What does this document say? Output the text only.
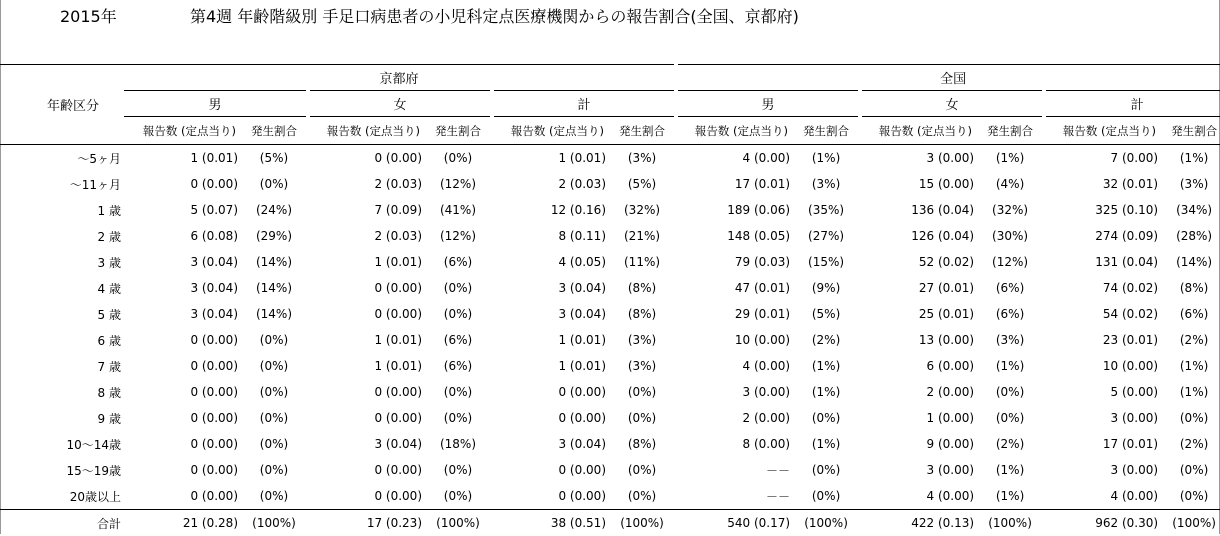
2015年	第4週 年齢階級別 手足口病患者の小児科定点医療機関からの報告割合(全国、京都府)
年齢区分	京都府						全国					
	男		女		計		男		女		計	
	報告数 (定点当り)	発生割合	報告数 (定点当り)	発生割合	報告数 (定点当り)	発生割合	報告数 (定点当り)	発生割合	報告数 (定点当り)	発生割合	報告数 (定点当り)	発生割合
～5ヶ月	1 (0.01)	(5%)	0 (0.00)	(0%)	1 (0.01)	(3%)	4 (0.00)	(1%)	3 (0.00)	(1%)	7 (0.00)	(1%)
～11ヶ月	0 (0.00)	(0%)	2 (0.03)	(12%)	2 (0.03)	(5%)	17 (0.01)	(3%)	15 (0.00)	(4%)	32 (0.01)	(3%)
1 歳	5 (0.07)	(24%)	7 (0.09)	(41%)	12 (0.16)	(32%)	189 (0.06)	(35%)	136 (0.04)	(32%)	325 (0.10)	(34%)
2 歳	6 (0.08)	(29%)	2 (0.03)	(12%)	8 (0.11)	(21%)	148 (0.05)	(27%)	126 (0.04)	(30%)	274 (0.09)	(28%)
3 歳	3 (0.04)	(14%)	1 (0.01)	(6%)	4 (0.05)	(11%)	79 (0.03)	(15%)	52 (0.02)	(12%)	131 (0.04)	(14%)
4 歳	3 (0.04)	(14%)	0 (0.00)	(0%)	3 (0.04)	(8%)	47 (0.01)	(9%)	27 (0.01)	(6%)	74 (0.02)	(8%)
5 歳	3 (0.04)	(14%)	0 (0.00)	(0%)	3 (0.04)	(8%)	29 (0.01)	(5%)	25 (0.01)	(6%)	54 (0.02)	(6%)
6 歳	0 (0.00)	(0%)	1 (0.01)	(6%)	1 (0.01)	(3%)	10 (0.00)	(2%)	13 (0.00)	(3%)	23 (0.01)	(2%)
7 歳	0 (0.00)	(0%)	1 (0.01)	(6%)	1 (0.01)	(3%)	4 (0.00)	(1%)	6 (0.00)	(1%)	10 (0.00)	(1%)
8 歳	0 (0.00)	(0%)	0 (0.00)	(0%)	0 (0.00)	(0%)	3 (0.00)	(1%)	2 (0.00)	(0%)	5 (0.00)	(1%)
9 歳	0 (0.00)	(0%)	0 (0.00)	(0%)	0 (0.00)	(0%)	2 (0.00)	(0%)	1 (0.00)	(0%)	3 (0.00)	(0%)
10～14歳	0 (0.00)	(0%)	3 (0.04)	(18%)	3 (0.04)	(8%)	8 (0.00)	(1%)	9 (0.00)	(2%)	17 (0.01)	(2%)
15～19歳	0 (0.00)	(0%)	0 (0.00)	(0%)	0 (0.00)	(0%)	－－	(0%)	3 (0.00)	(1%)	3 (0.00)	(0%)
20歳以上	0 (0.00)	(0%)	0 (0.00)	(0%)	0 (0.00)	(0%)	－－	(0%)	4 (0.00)	(1%)	4 (0.00)	(0%)
合計	21 (0.28)	(100%)	17 (0.23)	(100%)	38 (0.51)	(100%)	540 (0.17)	(100%)	422 (0.13)	(100%)	962 (0.30)	(100%)
